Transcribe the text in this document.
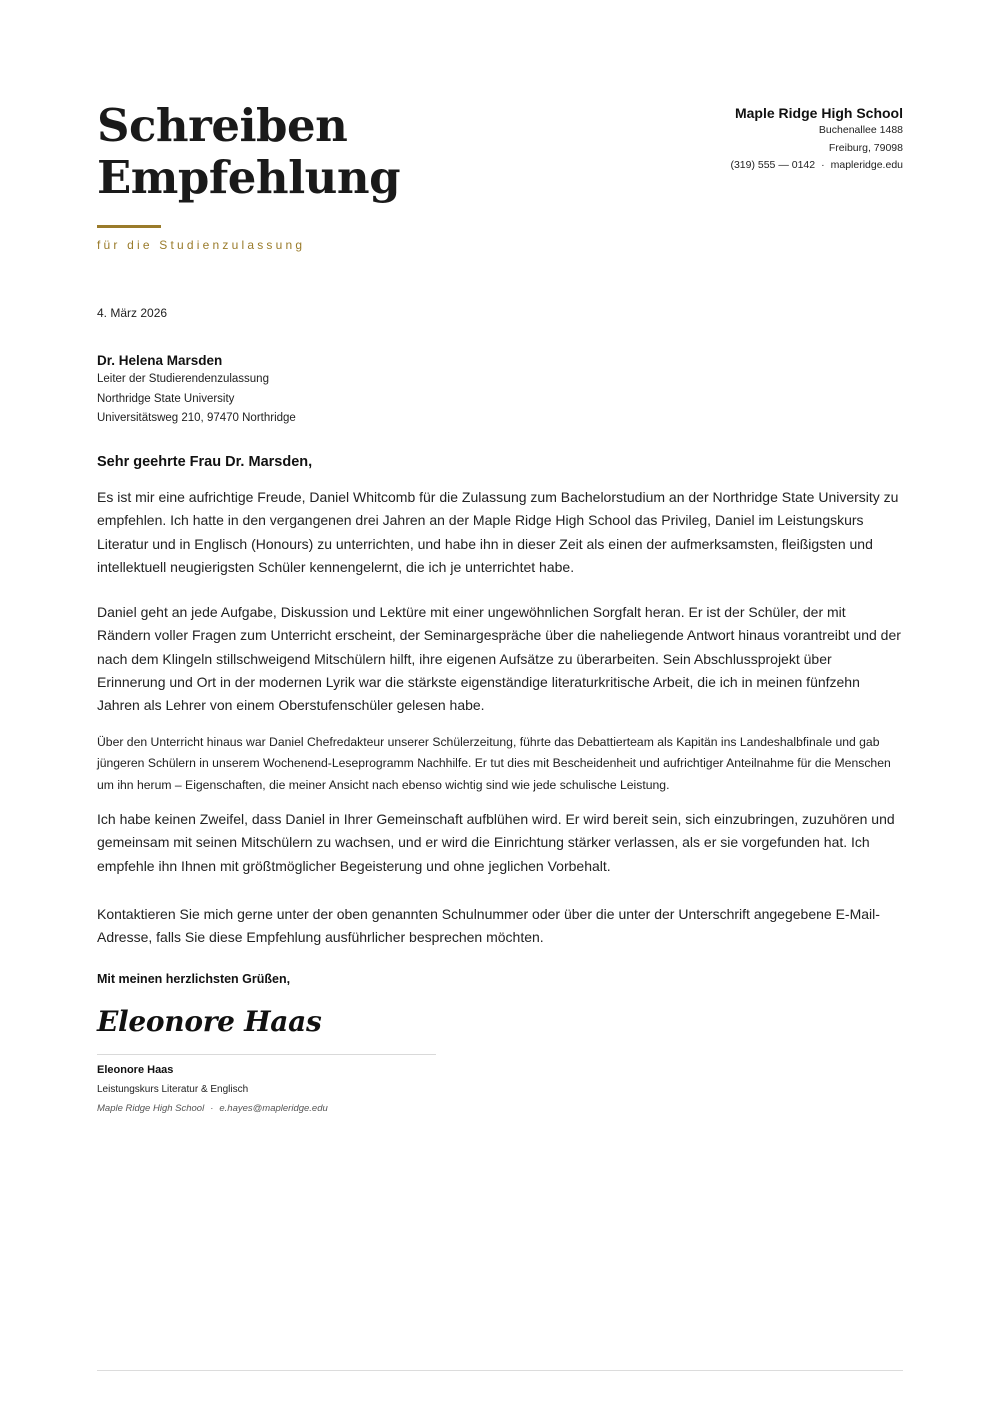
Schreiben
Empfehlung
für die Studienzulassung
Maple Ridge High School
Buchenallee 1488
Freiburg, 79098
(319) 555 — 0142 · mapleridge.edu
4. März 2026
Dr. Helena Marsden
Leiter der Studierendenzulassung
Northridge State University
Universitätsweg 210, 97470 Northridge

Sehr geehrte Frau Dr. Marsden,

Es ist mir eine aufrichtige Freude, Daniel Whitcomb für die Zulassung zum Bachelorstudium an der Northridge State University zu empfehlen. Ich hatte in den vergangenen drei Jahren an der Maple Ridge High School das Privileg, Daniel im Leistungskurs Literatur und in Englisch (Honours) zu unterrichten, und habe ihn in dieser Zeit als einen der aufmerksamsten, fleißigsten und intellektuell neugierigsten Schüler kennengelernt, die ich je unterrichtet habe.

Daniel geht an jede Aufgabe, Diskussion und Lektüre mit einer ungewöhnlichen Sorgfalt heran. Er ist der Schüler, der mit Rändern voller Fragen zum Unterricht erscheint, der Seminargespräche über die naheliegende Antwort hinaus vorantreibt und der nach dem Klingeln stillschweigend Mitschülern hilft, ihre eigenen Aufsätze zu überarbeiten. Sein Abschlussprojekt über Erinnerung und Ort in der modernen Lyrik war die stärkste eigenständige literaturkritische Arbeit, die ich in meinen fünfzehn Jahren als Lehrer von einem Oberstufenschüler gelesen habe.

Über den Unterricht hinaus war Daniel Chefredakteur unserer Schülerzeitung, führte das Debattierteam als Kapitän ins Landeshalbfinale und gab jüngeren Schülern in unserem Wochenend-Leseprogramm Nachhilfe. Er tut dies mit Bescheidenheit und aufrichtiger Anteilnahme für die Menschen um ihn herum – Eigenschaften, die meiner Ansicht nach ebenso wichtig sind wie jede schulische Leistung.

Ich habe keinen Zweifel, dass Daniel in Ihrer Gemeinschaft aufblühen wird. Er wird bereit sein, sich einzubringen, zuzuhören und gemeinsam mit seinen Mitschülern zu wachsen, und er wird die Einrichtung stärker verlassen, als er sie vorgefunden hat. Ich empfehle ihn Ihnen mit größtmöglicher Begeisterung und ohne jeglichen Vorbehalt.

Kontaktieren Sie mich gerne unter der oben genannten Schulnummer oder über die unter der Unterschrift angegebene E-Mail-Adresse, falls Sie diese Empfehlung ausführlicher besprechen möchten.

Mit meinen herzlichsten Grüßen,

Eleonore Haas
Eleonore Haas
Leistungskurs Literatur & Englisch
Maple Ridge High School · e.hayes@mapleridge.edu
